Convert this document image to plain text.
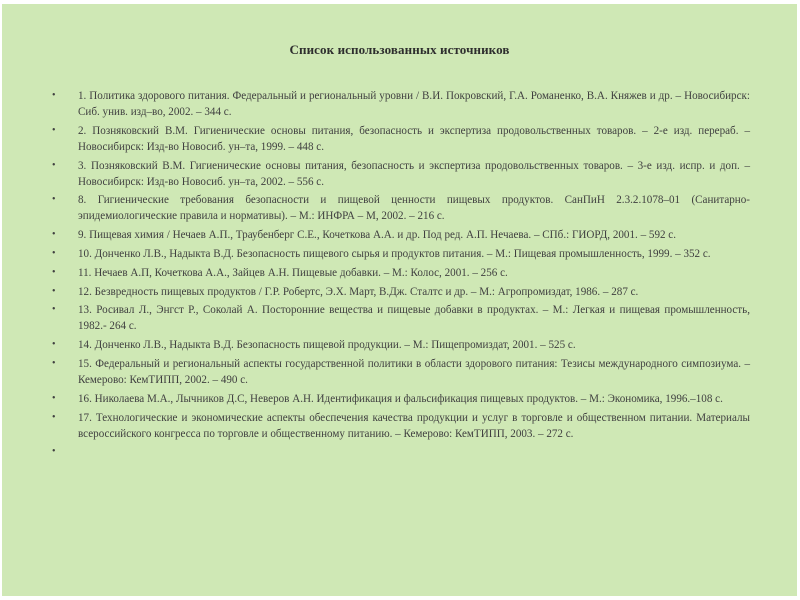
Список использованных источников
• 1. Политика здорового питания. Федеральный и региональный уровни / В.И. Покровский, Г.А. Романенко, В.А. Княжев и др. – Новосибирск: Сиб. унив. изд–во, 2002. – 344 с.
• 2. Позняковский В.М. Гигиенические основы питания, безопасность и экспертиза продовольственных товаров. – 2-е изд. перераб. – Новосибирск: Изд-во Новосиб. ун–та, 1999. – 448 с.
• 3. Позняковский В.М. Гигиенические основы питания, безопасность и экспертиза продовольственных товаров. – 3-е изд. испр. и доп. – Новосибирск: Изд-во Новосиб. ун–та, 2002. – 556 с.
• 8. Гигиенические требования безопасности и пищевой ценности пищевых продуктов. СанПиН 2.3.2.1078–01 (Санитарно-эпидемиологические правила и нормативы). – М.: ИНФРА – М, 2002. – 216 с.
• 9. Пищевая химия / Нечаев А.П., Траубенберг С.Е., Кочеткова А.А. и др. Под ред. А.П. Нечаева. – СПб.: ГИОРД, 2001. – 592 с.
• 10. Донченко Л.В., Надыкта В.Д. Безопасность пищевого сырья и продуктов питания. – М.: Пищевая промышленность, 1999. – 352 с.
• 11. Нечаев А.П, Кочеткова А.А., Зайцев А.Н. Пищевые добавки. – М.: Колос, 2001. – 256 с.
• 12. Безвредность пищевых продуктов / Г.Р. Робертс, Э.Х. Март, В.Дж. Сталтс и др. – М.: Агропромиздат, 1986. – 287 с.
• 13. Росивал Л., Энгст Р., Соколай А. Посторонние вещества и пищевые добавки в продуктах. – М.: Легкая и пищевая промышленность, 1982.- 264 с.
• 14. Донченко Л.В., Надыкта В.Д. Безопасность пищевой продукции. – М.: Пищепромиздат, 2001. – 525 с.
• 15. Федеральный и региональный аспекты государственной политики в области здорового питания: Тезисы международного симпозиума. – Кемерово: КемТИПП, 2002. – 490 с.
• 16. Николаева М.А., Лычников Д.С, Неверов А.Н. Идентификация и фальсификация пищевых продуктов. – М.: Экономика, 1996.–108 с.
• 17. Технологические и экономические аспекты обеспечения качества продукции и услуг в торговле и общественном питании. Материалы всероссийского конгресса по торговле и общественному питанию. – Кемерово: КемТИПП, 2003. – 272 с.
•
